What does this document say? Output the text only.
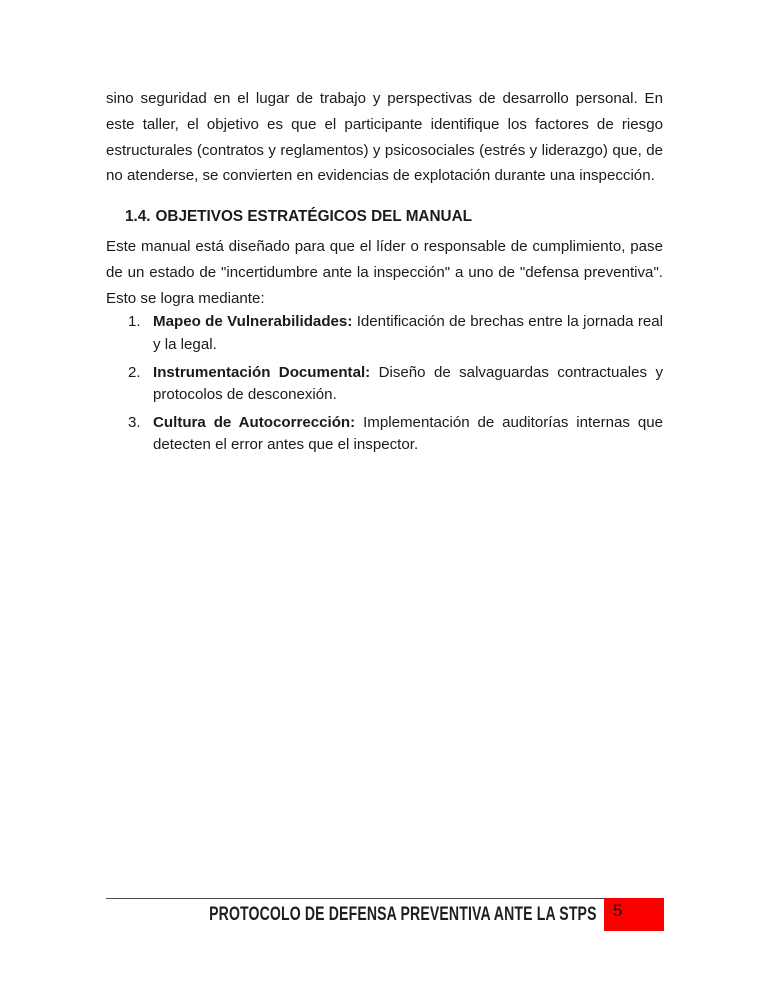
sino seguridad en el lugar de trabajo y perspectivas de desarrollo personal. En este taller, el objetivo es que el participante identifique los factores de riesgo estructurales (contratos y reglamentos) y psicosociales (estrés y liderazgo) que, de no atenderse, se convierten en evidencias de explotación durante una inspección.

1.4. OBJETIVOS ESTRATÉGICOS DEL MANUAL

Este manual está diseñado para que el líder o responsable de cumplimiento, pase de un estado de "incertidumbre ante la inspección" a uno de "defensa preventiva". Esto se logra mediante:

1. Mapeo de Vulnerabilidades: Identificación de brechas entre la jornada real y la legal.
2. Instrumentación Documental: Diseño de salvaguardas contractuales y protocolos de desconexión.
3. Cultura de Autocorrección: Implementación de auditorías internas que detecten el error antes que el inspector.
PROTOCOLO DE DEFENSA PREVENTIVA ANTE LA STPS 5
